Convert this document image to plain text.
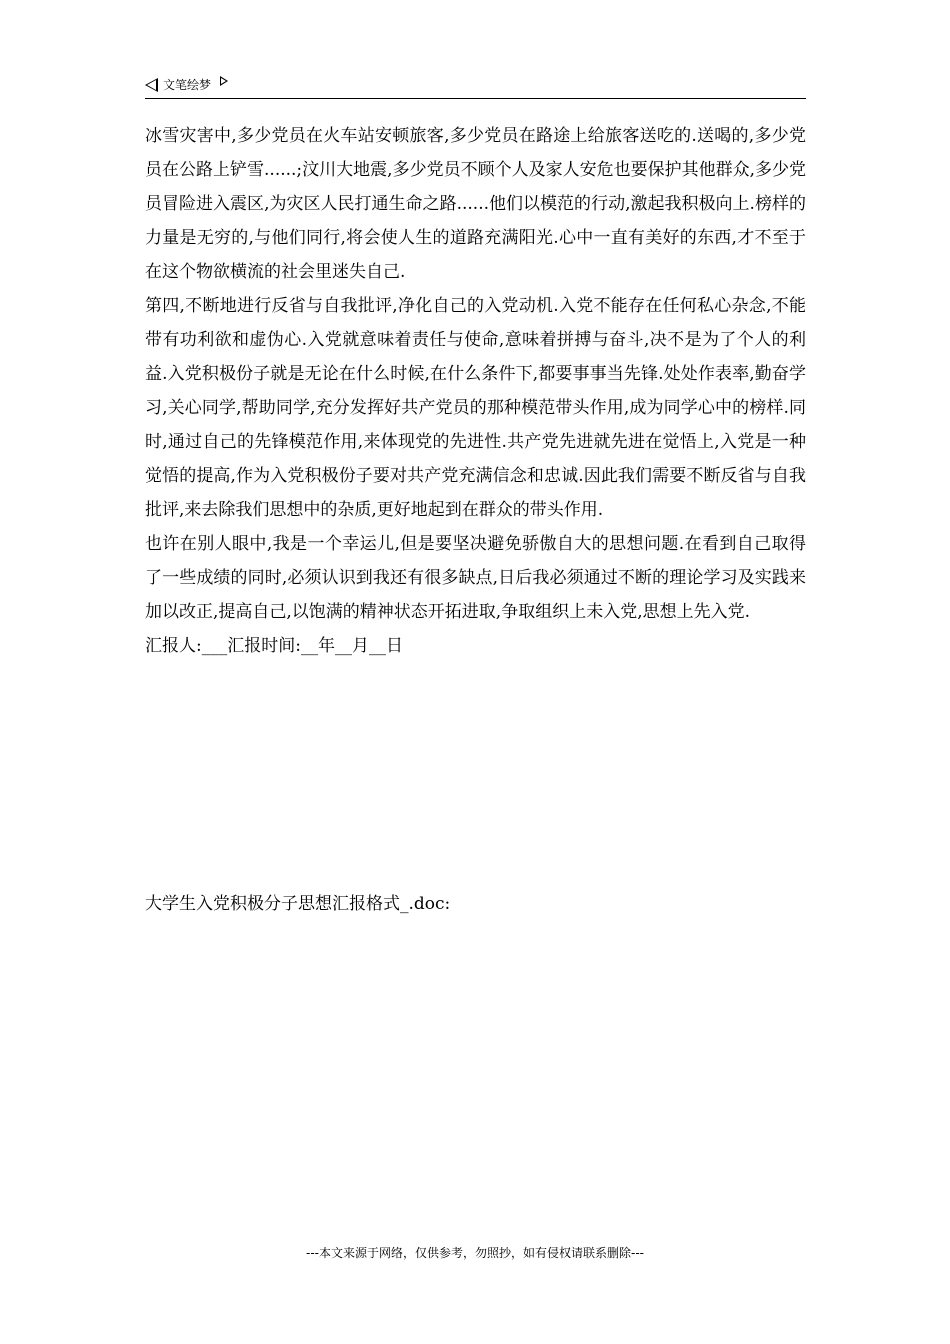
文笔绘梦

冰雪灾害中,多少党员在火车站安顿旅客,多少党员在路途上给旅客送吃的.送喝的,多少党员在公路上铲雪......;汶川大地震,多少党员不顾个人及家人安危也要保护其他群众,多少党员冒险进入震区,为灾区人民打通生命之路......他们以模范的行动,激起我积极向上.榜样的力量是无穷的,与他们同行,将会使人生的道路充满阳光.心中一直有美好的东西,才不至于在这个物欲横流的社会里迷失自己.

第四,不断地进行反省与自我批评,净化自己的入党动机.入党不能存在任何私心杂念,不能带有功利欲和虚伪心.入党就意味着责任与使命,意味着拼搏与奋斗,决不是为了个人的利益.入党积极份子就是无论在什么时候,在什么条件下,都要事事当先锋.处处作表率,勤奋学习,关心同学,帮助同学,充分发挥好共产党员的那种模范带头作用,成为同学心中的榜样.同时,通过自己的先锋模范作用,来体现党的先进性.共产党先进就先进在觉悟上,入党是一种觉悟的提高,作为入党积极份子要对共产党充满信念和忠诚.因此我们需要不断反省与自我批评,来去除我们思想中的杂质,更好地起到在群众的带头作用.

也许在别人眼中,我是一个幸运儿,但是要坚决避免骄傲自大的思想问题.在看到自己取得了一些成绩的同时,必须认识到我还有很多缺点,日后我必须通过不断的理论学习及实践来加以改正,提高自己,以饱满的精神状态开拓进取,争取组织上未入党,思想上先入党.

汇报人:___汇报时间:__年__月__日

大学生入党积极分子思想汇报格式_.doc:
---本文来源于网络，仅供参考，勿照抄，如有侵权请联系删除---
